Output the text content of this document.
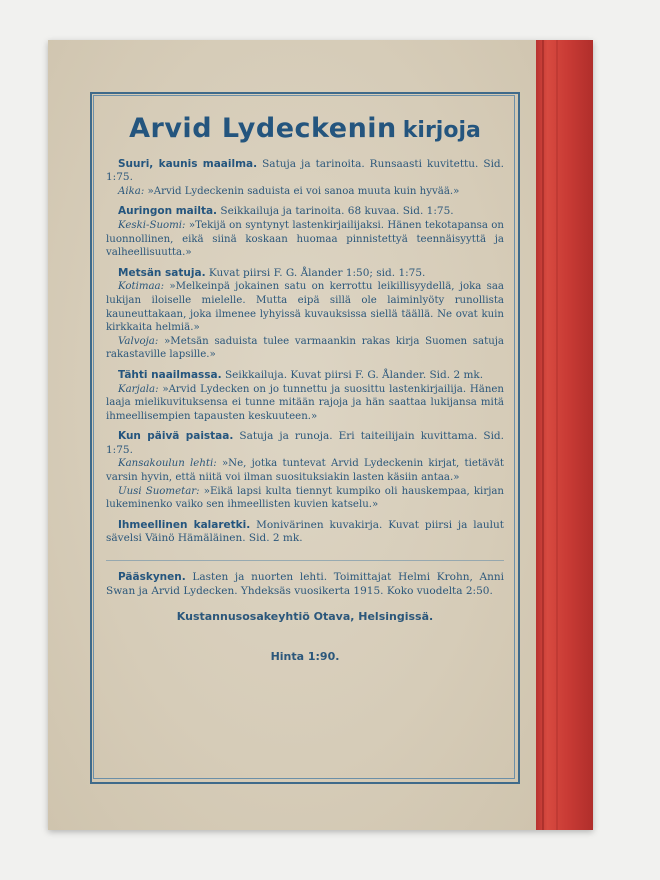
Arvid Lydeckenin kirjoja

Suuri, kaunis maailma. Satuja ja tarinoita. Runsaasti kuvitettu. Sid. 1:75.

Aika: »Arvid Lydeckenin saduista ei voi sanoa muuta kuin hyvää.»

Auringon mailta. Seikkailuja ja tarinoita. 68 kuvaa. Sid. 1:75.

Keski-Suomi: »Tekijä on syntynyt lastenkirjailijaksi. Hänen tekotapansa on luonnollinen, eikä siinä koskaan huomaa pinnistettyä teennäisyyttä ja valheellisuutta.»

Metsän satuja. Kuvat piirsi F. G. Ålander 1:50; sid. 1:75.

Kotimaa: »Melkeinpä jokainen satu on kerrottu leikillisyydellä, joka saa lukijan iloiselle mielelle. Mutta eipä sillä ole laiminlyöty runollista kauneuttakaan, joka ilmenee lyhyissä kuvauksissa siellä täällä. Ne ovat kuin kirkkaita helmiä.»

Valvoja: »Metsän saduista tulee varmaankin rakas kirja Suomen satuja rakastaville lapsille.»

Tähti naailmassa. Seikkailuja. Kuvat piirsi F. G. Ålander. Sid. 2 mk.

Karjala: »Arvid Lydecken on jo tunnettu ja suosittu lastenkirjailija. Hänen laaja mielikuvituksensa ei tunne mitään rajoja ja hän saattaa lukijansa mitä ihmeellisempien tapausten keskuuteen.»

Kun päivä paistaa. Satuja ja runoja. Eri taiteilijain kuvittama. Sid. 1:75.

Kansakoulun lehti: »Ne, jotka tuntevat Arvid Lydeckenin kirjat, tietävät varsin hyvin, että niitä voi ilman suosituksiakin lasten käsiin antaa.»

Uusi Suometar: »Eikä lapsi kulta tiennyt kumpiko oli hauskempaa, kirjan lukeminenko vaiko sen ihmeellisten kuvien katselu.»

Ihmeellinen kalaretki. Monivärinen kuvakirja. Kuvat piirsi ja laulut sävelsi Väinö Hämäläinen. Sid. 2 mk.

Pääskynen. Lasten ja nuorten lehti. Toimittajat Helmi Krohn, Anni Swan ja Arvid Lydecken. Yhdeksäs vuosikerta 1915. Koko vuodelta 2:50.

Kustannusosakeyhtiö Otava, Helsingissä.
Hinta 1:90.
